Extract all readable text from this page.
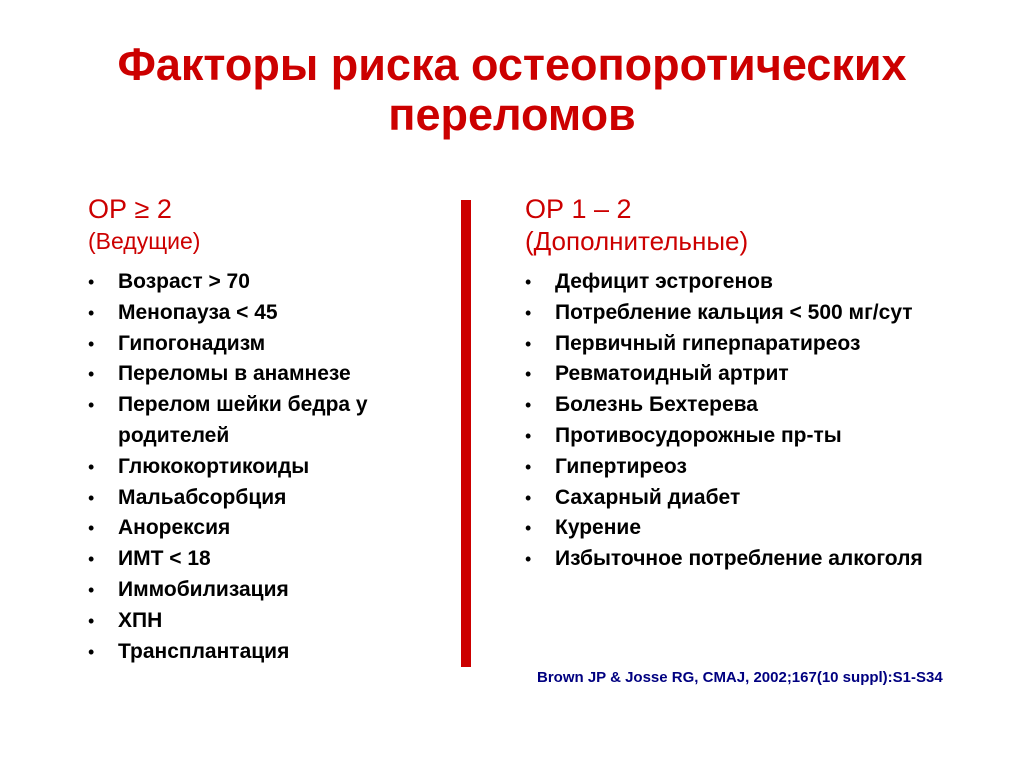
Факторы риска остеопоротических
переломов
ОР ≥ 2
(Ведущие)
• Возраст > 70
• Менопауза < 45
• Гипогонадизм
• Переломы в анамнезе
• Перелом шейки бедра у родителей
• Глюкокортикоиды
• Мальабсорбция
• Анорексия
• ИМТ < 18
• Иммобилизация
• ХПН
• Трансплантация
ОР 1 – 2
(Дополнительные)
• Дефицит эстрогенов
• Потребление кальция < 500 мг/сут
• Первичный гиперпаратиреоз
• Ревматоидный артрит
• Болезнь Бехтерева
• Противосудорожные пр-ты
• Гипертиреоз
• Сахарный диабет
• Курение
• Избыточное потребление алкоголя
Brown JP & Josse RG, CMAJ, 2002;167(10 suppl):S1-S34
